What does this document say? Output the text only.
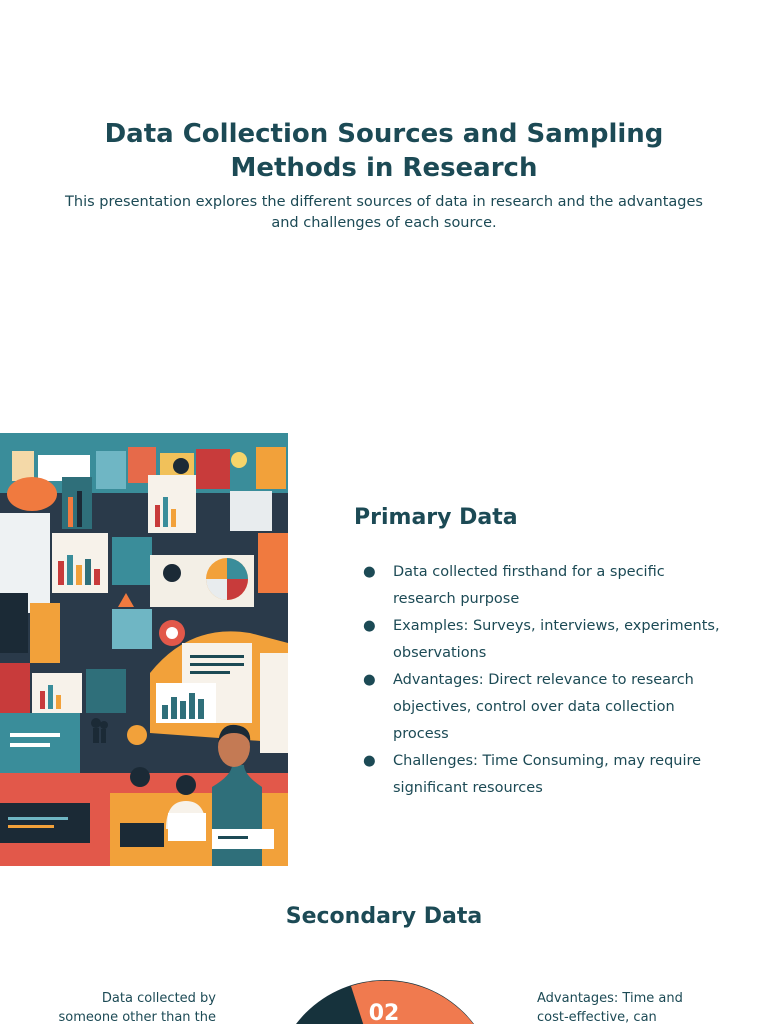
Data Collection Sources and Sampling
Methods in Research

This presentation explores the different sources of data in research and the advantages
and challenges of each source.

Primary Data
● Data collected firsthand for a specific
research purpose
● Examples: Surveys, interviews, experiments,
observations
● Advantages: Direct relevance to research
objectives, control over data collection
process
● Challenges: Time Consuming, may require
significant resources
Secondary Data

Data collected by
someone other than the	02

Advantages: Time and
cost-effective, can
